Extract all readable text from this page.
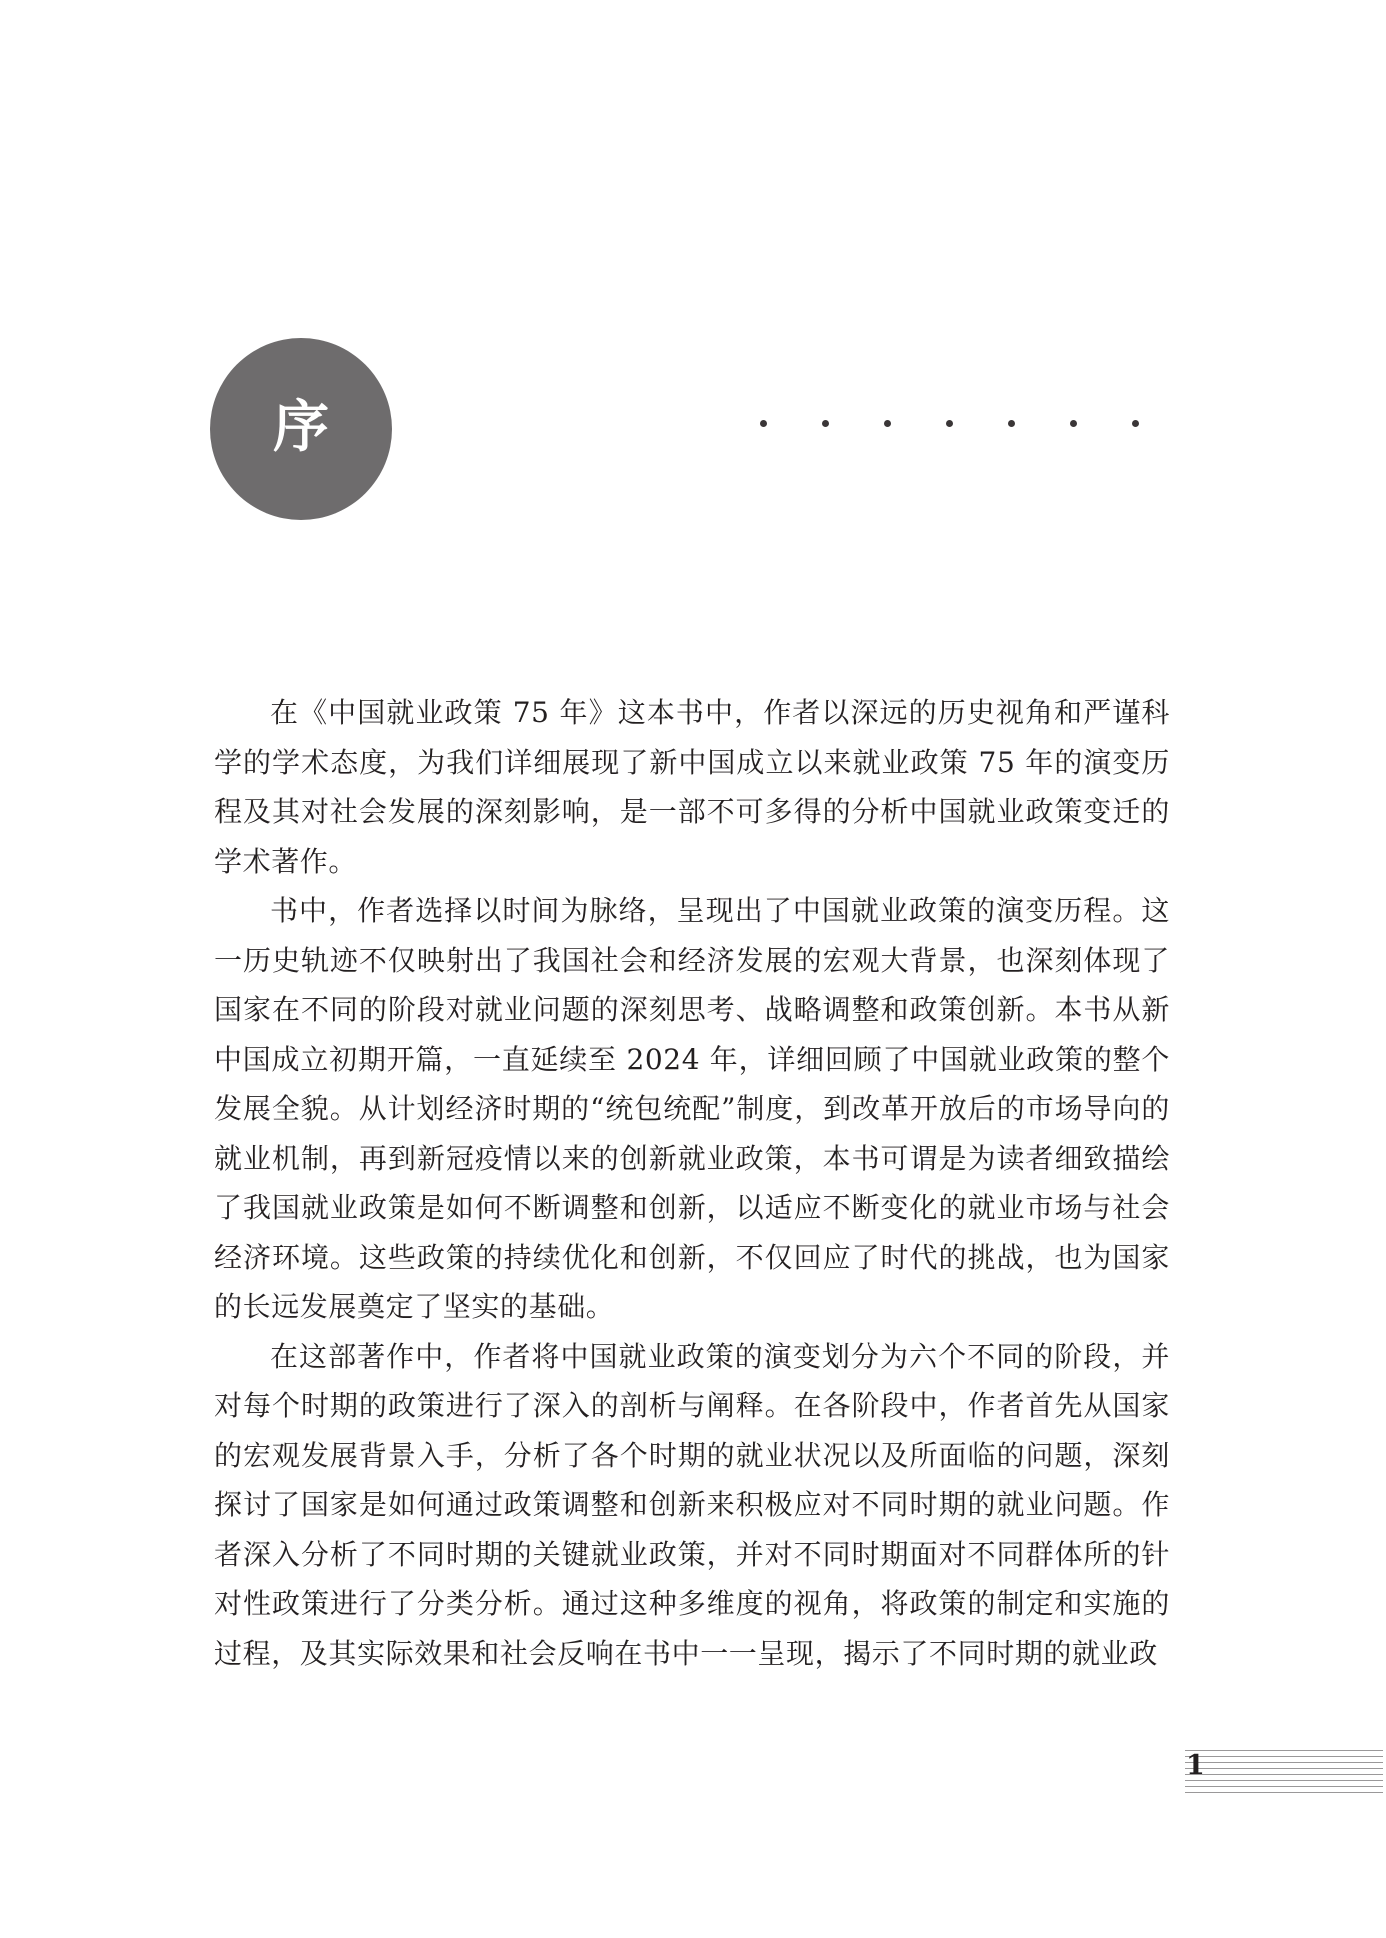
序

在《中国就业政策 75 年》这本书中，作者以深远的历史视角和严谨科学的学术态度，为我们详细展现了新中国成立以来就业政策 75 年的演变历程及其对社会发展的深刻影响，是一部不可多得的分析中国就业政策变迁的学术著作。

书中，作者选择以时间为脉络，呈现出了中国就业政策的演变历程。这一历史轨迹不仅映射出了我国社会和经济发展的宏观大背景，也深刻体现了国家在不同的阶段对就业问题的深刻思考、战略调整和政策创新。本书从新中国成立初期开篇，一直延续至 2024 年，详细回顾了中国就业政策的整个发展全貌。从计划经济时期的“统包统配”制度，到改革开放后的市场导向的就业机制，再到新冠疫情以来的创新就业政策，本书可谓是为读者细致描绘了我国就业政策是如何不断调整和创新，以适应不断变化的就业市场与社会经济环境。这些政策的持续优化和创新，不仅回应了时代的挑战，也为国家的长远发展奠定了坚实的基础。

在这部著作中，作者将中国就业政策的演变划分为六个不同的阶段，并对每个时期的政策进行了深入的剖析与阐释。在各阶段中，作者首先从国家的宏观发展背景入手，分析了各个时期的就业状况以及所面临的问题，深刻探讨了国家是如何通过政策调整和创新来积极应对不同时期的就业问题。作者深入分析了不同时期的关键就业政策，并对不同时期面对不同群体所的针对性政策进行了分类分析。通过这种多维度的视角，将政策的制定和实施的过程，及其实际效果和社会反响在书中一一呈现，揭示了不同时期的就业政

1
